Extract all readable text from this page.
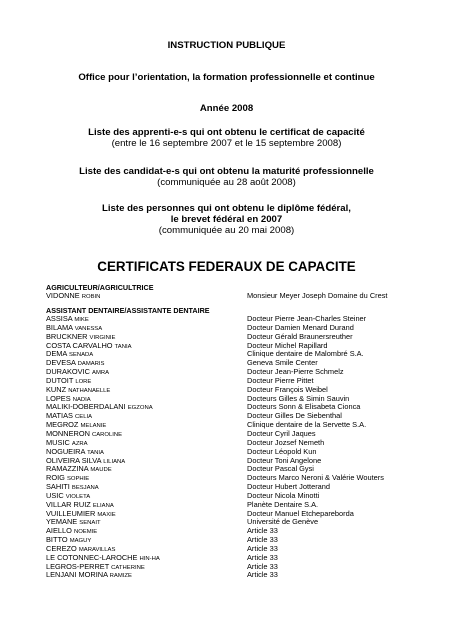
INSTRUCTION PUBLIQUE
Office pour l’orientation, la formation professionnelle et continue
Année 2008
Liste des apprenti-e-s qui ont obtenu le certificat de capacité
(entre le 16 septembre 2007 et le 15 septembre 2008)
Liste des candidat-e-s qui ont obtenu la maturité professionnelle
(communiquée au 28 août 2008)
Liste des personnes qui ont obtenu le diplôme fédéral,
le brevet fédéral en 2007
(communiquée au 20 mai 2008)
CERTIFICATS FEDERAUX DE CAPACITE
AGRICULTEUR/AGRICULTRICE
VIDONNE ROBIN	Monsieur Meyer Joseph Domaine du Crest
ASSISTANT DENTAIRE/ASSISTANTE DENTAIRE
ASSISA MIKE	Docteur Pierre Jean-Charles Steiner
BILAMA VANESSA	Docteur Damien Menard Durand
BRUCKNER VIRGINIE	Docteur Gérald Braunersreuther
COSTA CARVALHO TANIA	Docteur Michel Rapillard
DEMA SENADA	Clinique dentaire de Malombré S.A.
DEVESA DAMARIS	Geneva Smile Center
DURAKOVIC AMRA	Docteur Jean-Pierre Schmelz
DUTOIT LORE	Docteur Pierre Pittet
KUNZ NATHANAELLE	Docteur François Weibel
LOPES NADIA	Docteurs Gilles & Simin Sauvin
MALIKI-DOBERDALANI EGZONA	Docteurs Sonn & Elisabeta Cionca
MATIAS CELIA	Docteur Gilles De Siebenthal
MEGROZ MELANIE	Clinique dentaire de la Servette S.A.
MONNERON CAROLINE	Docteur Cyril Jaques
MUSIC AZRA	Docteur Jozsef Nemeth
NOGUEIRA TANIA	Docteur Léopold Kun
OLIVEIRA SILVA LILIANA	Docteur Toni Angelone
RAMAZZINA MAUDE	Docteur Pascal Gysi
ROIG SOPHIE	Docteurs Marco Neroni & Valérie Wouters
SAHITI BESJANA	Docteur Hubert Jotterand
USIC VIOLETA	Docteur Nicola Minotti
VILLAR RUIZ ELIANA	Planète Dentaire S.A.
VUILLEUMIER MAXIE	Docteur Manuel Etchepareborda
YEMANE SENAIT	Université de Genève
AIELLO NOEMIE	Article 33
BITTO MAGUY	Article 33
CEREZO MARAVILLAS	Article 33
LE COTONNEC-LAROCHE HIN-HA	Article 33
LEGROS-PERRET CATHERINE	Article 33
LENJANI MORINA RAMIZE	Article 33
